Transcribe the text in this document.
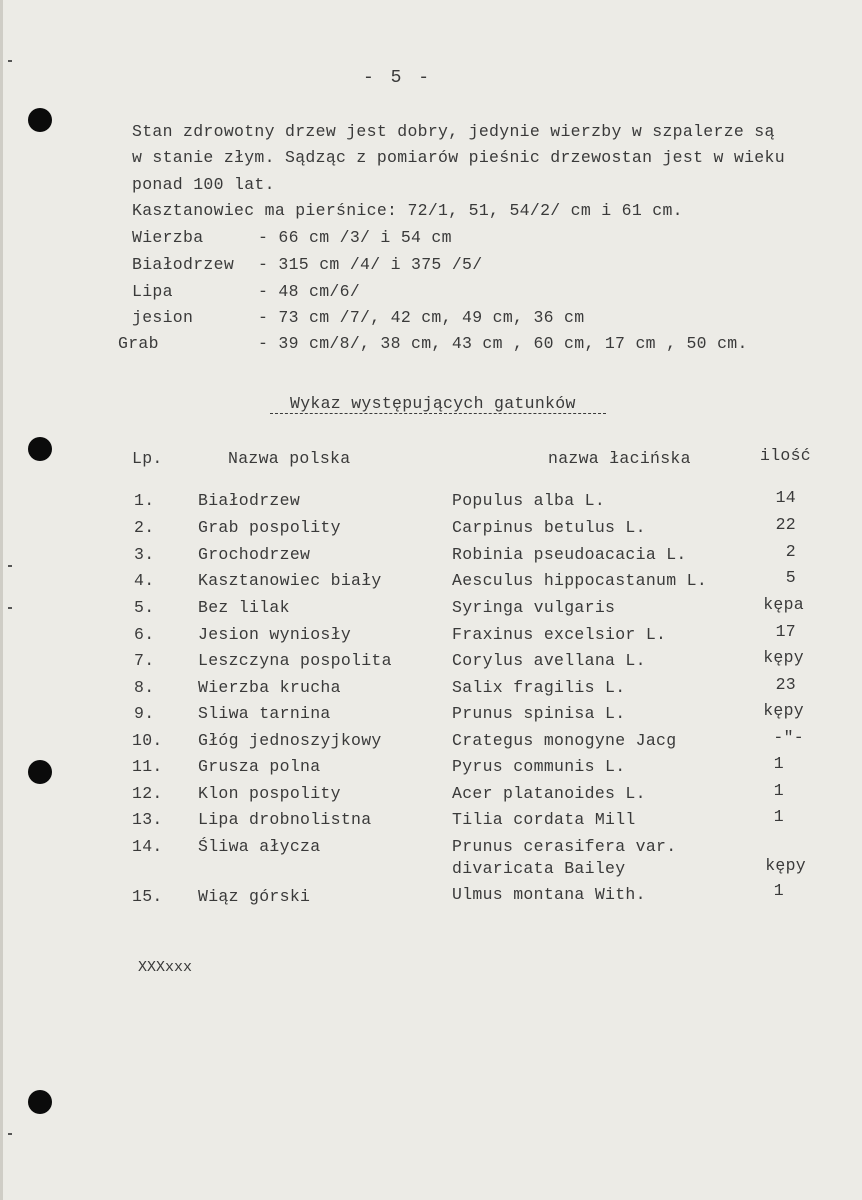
- 5 -
Stan zdrowotny drzew jest dobry, jedynie wierzby w szpalerze są
w stanie złym. Sądząc z pomiarów pieśnic drzewostan jest w wieku
ponad 100 lat.
Kasztanowiec ma pierśnice: 72/1, 51, 54/2/ cm i 61 cm.
Wierzba	- 66 cm /3/ i 54 cm
Białodrzew - 315 cm /4/ i 375 /5/
Lipa	- 48 cm/6/
jesion	- 73 cm /7/, 42 cm, 49 cm, 36 cm
Grab	- 39 cm/8/, 38 cm, 43 cm , 60 cm, 17 cm , 50 cm.
Wykaz występujących gatunków
Lp.	Nazwa polska	nazwa łacińska	ilość
1.	Białodrzew	Populus alba L.	14
2.	Grab pospolity	Carpinus betulus L.	22
3.	Grochodrzew	Robinia pseudoacacia L.	2
4.	Kasztanowiec biały	Aesculus hippocastanum L.	5
5.	Bez lilak	Syringa vulgaris	kępa
6.	Jesion wyniosły	Fraxinus excelsior L.	17
7.	Leszczyna pospolita	Corylus avellana L.	kępy
8.	Wierzba krucha	Salix fragilis L.	23
9.	Sliwa tarnina	Prunus spinisa L.	kępy
10. Głóg jednoszyjkowy	Crategus monogyne Jacg	-"-
11. Grusza polna	Pyrus communis L.	1
12. Klon pospolity	Acer platanoides L.	1
13. Lipa drobnolistna	Tilia cordata Mill	1
14. Śliwa ałycza	Prunus cerasifera var.
divaricata Bailey	kępy
15. Wiąz górski	Ulmus montana With.	1
XXXxxx
